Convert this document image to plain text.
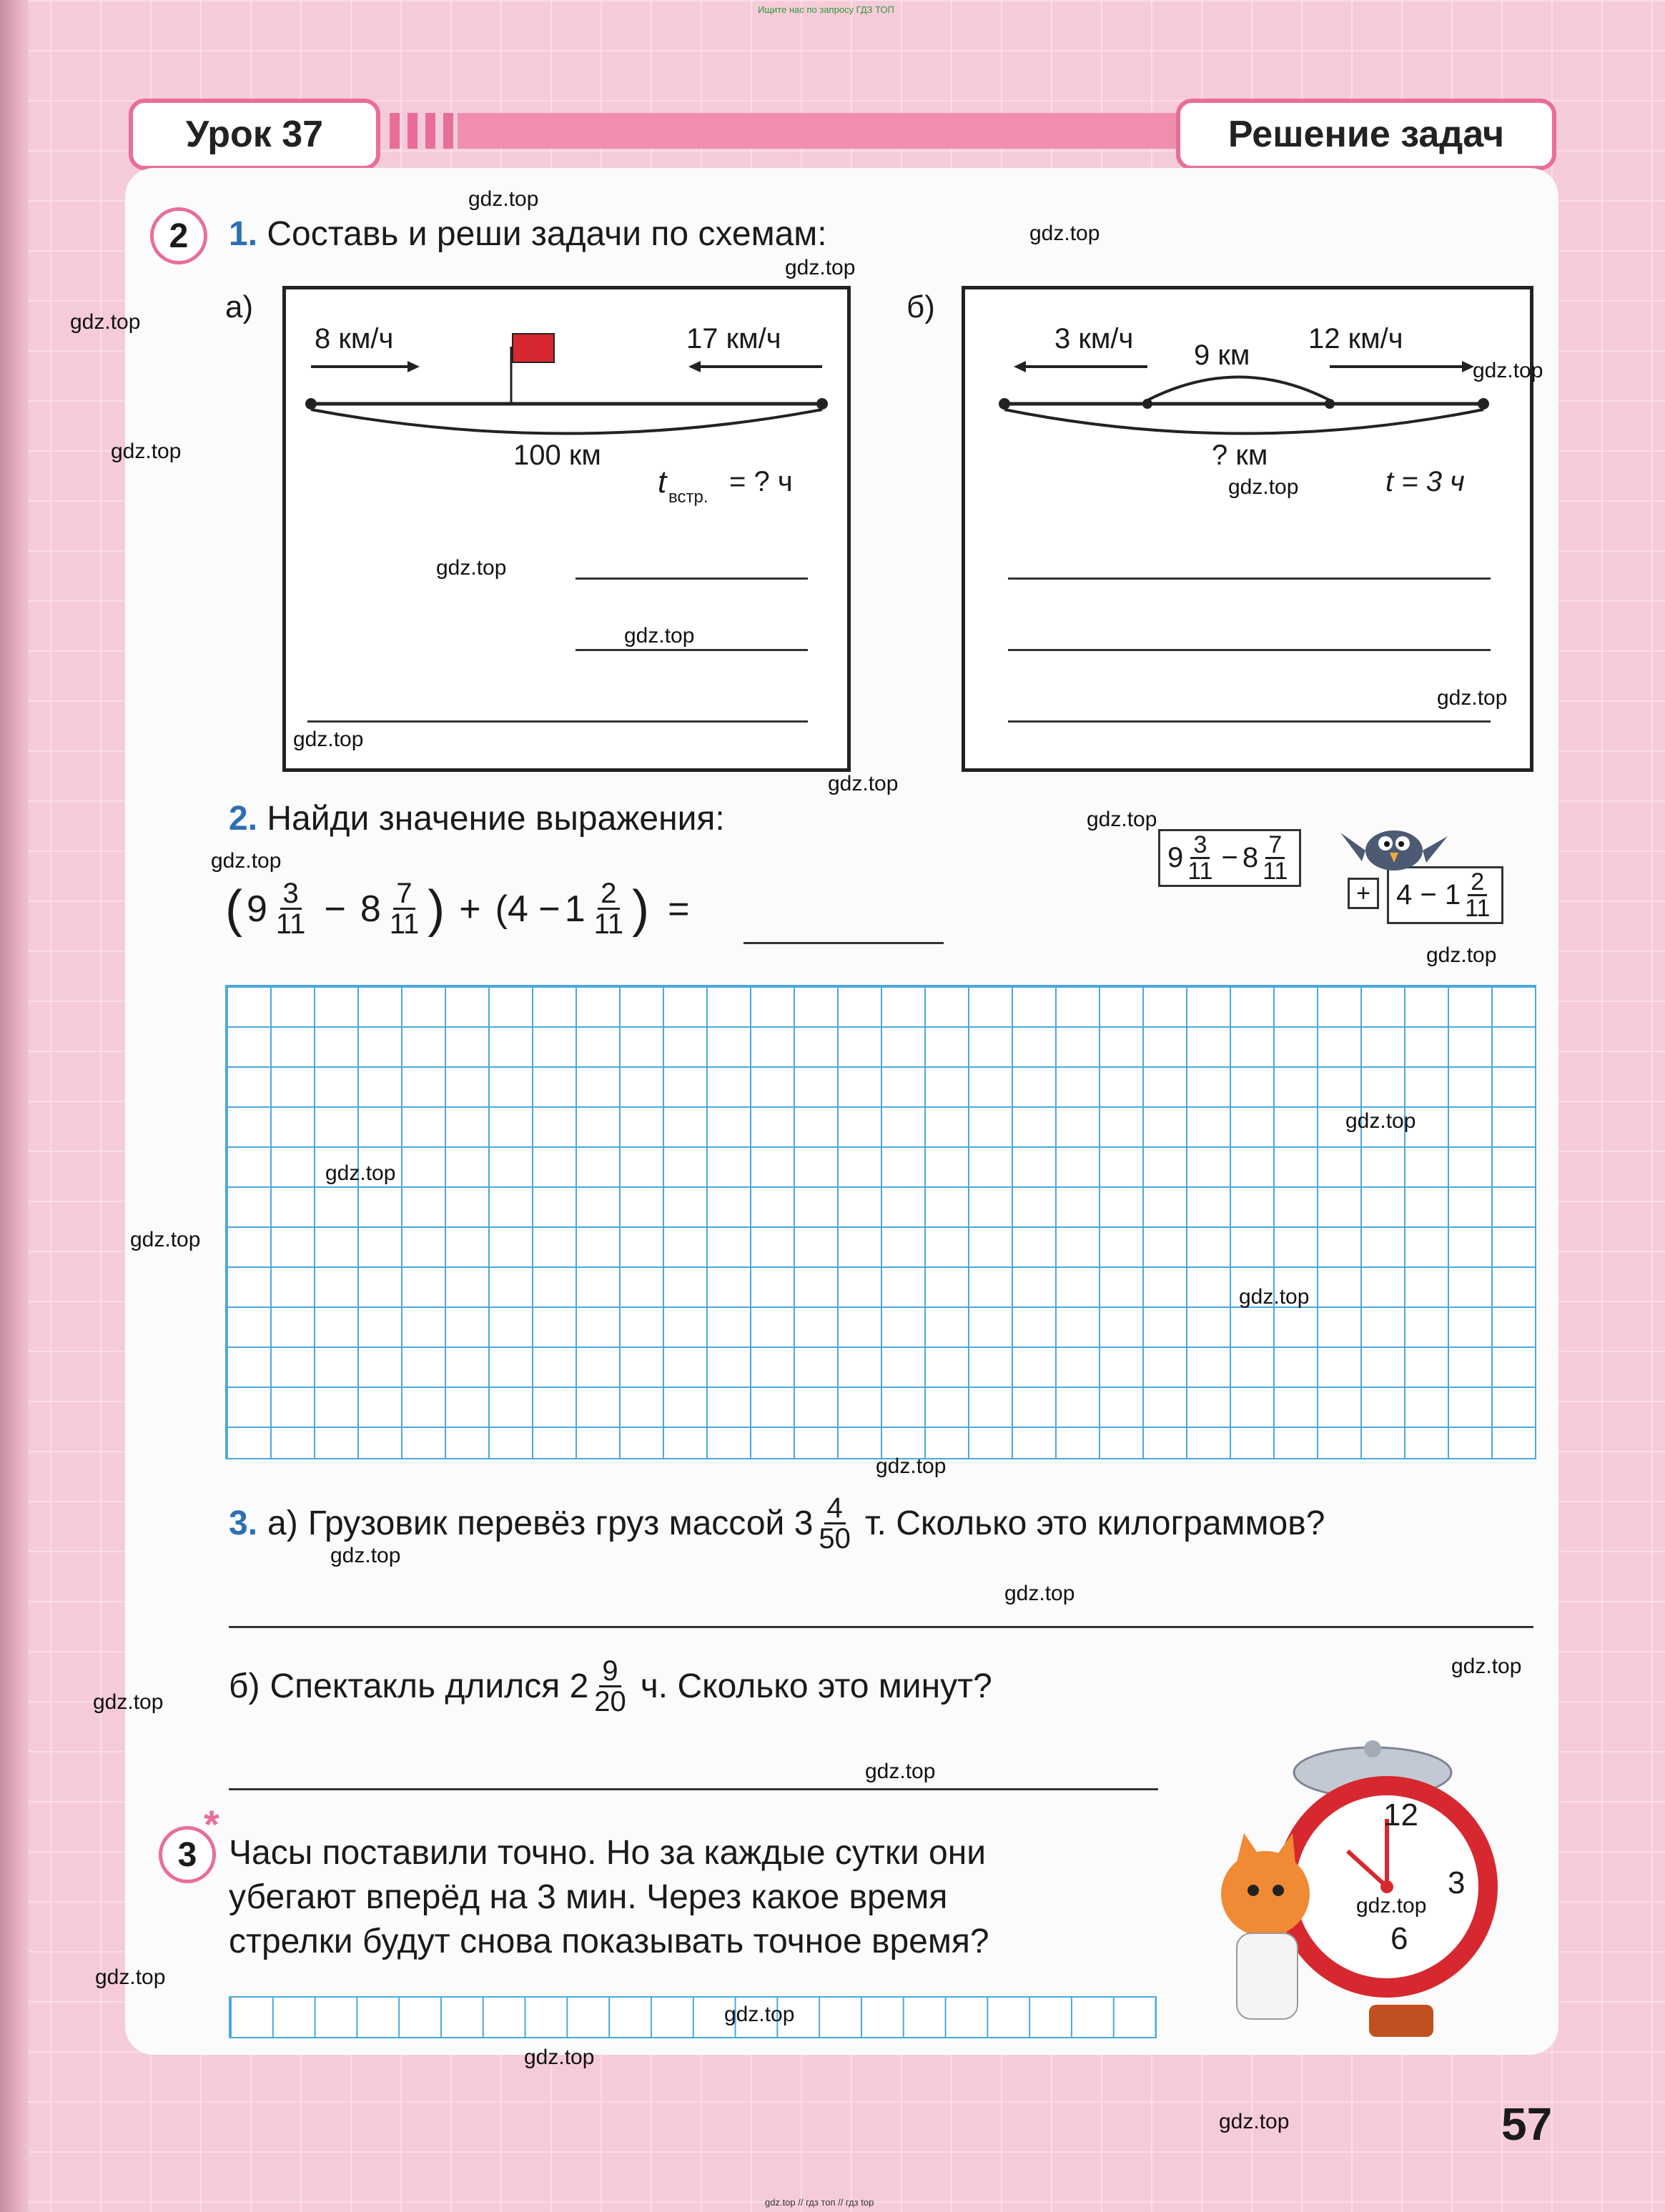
Ищите нас по запросу ГДЗ ТОП
Урок 37	Решение задач
2	1. Составь и реши задачи по схемам:
а)
8 км/ч	17 км/ч
100 км
t встр. = ? ч
б)
3 км/ч
9 км
12 км/ч
? км
t = 3 ч
2. Найди значение выражения:
( $9 \frac{3}{11} - 8 \frac{7}{11}$ ) + ($4 - 1 \frac{2}{11}$ ) =
$9 \frac{3}{11} - 8 \frac{7}{11}$
+ $4 - 1 \frac{2}{11}$
3. а) Грузовик перевёз груз массой $3 \frac{4}{50} т$. Сколько это килограммов?
б) Спектакль длился $2 \frac{9}{20} ч$. Сколько это минут?
3
*
Часы поставили точно. Но за каждые сутки они
убегают вперёд на 3 мин. Через какое время
стрелки будут снова показывать точное время?
12
3
6
57
gdz.top
gdz.top
gdz.top
gdz.top
gdz.top
gdz.top
gdz.top
gdz.top
gdz.top
gdz.top
gdz.top
gdz.top
gdz.top
gdz.top
gdz.top
gdz.top
gdz.top
gdz.top
gdz.top
gdz.top
gdz.top
gdz.top
gdz.top
gdz.top
gdz.top
gdz.top
gdz.top
gdz.top
gdz.top
gdz.top
gdz.top // гдз топ // гдз top
